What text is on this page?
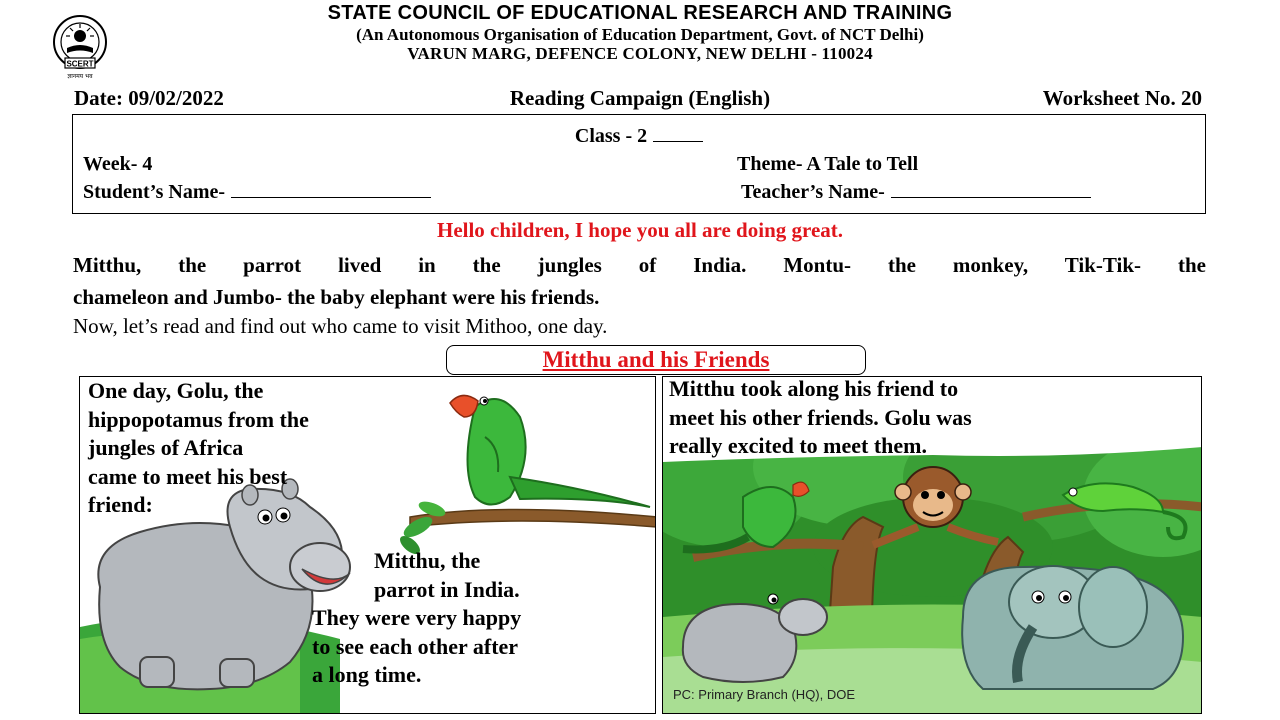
SCERT
ज्ञानमय भव
STATE COUNCIL OF EDUCATIONAL RESEARCH AND TRAINING
(An Autonomous Organisation of Education Department, Govt. of NCT Delhi)
VARUN MARG, DEFENCE COLONY, NEW DELHI - 110024
Date: 09/02/2022	Reading Campaign (English)	Worksheet No. 20
Class - 2
Week- 4	Theme- A Tale to Tell
Student’s Name-	Teacher’s Name-
Hello children, I hope you all are doing great.
Mitthu, the parrot lived in the jungles of India. Montu- the monkey, Tik-Tik- the
chameleon and Jumbo- the baby elephant were his friends.
Now, let’s read and find out who came to visit Mithoo, one day.
Mitthu and his Friends
One day, Golu, the
hippopotamus from the
jungles of Africa
came to meet his best
friend:
Mitthu, the
parrot in India.
They were very happy
to see each other after
a long time.
Mitthu took along his friend to
meet his other friends. Golu was
really excited to meet them.
PC: Primary Branch (HQ), DOE
